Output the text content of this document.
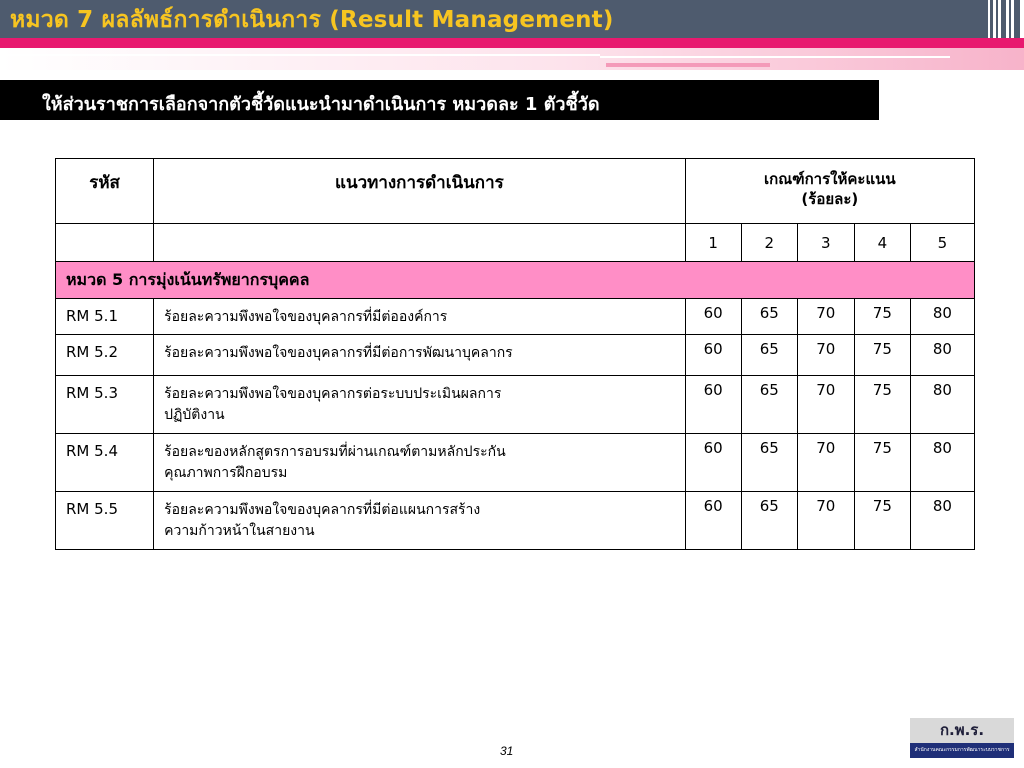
หมวด 7 ผลลัพธ์การดำเนินการ (Result Management)
ให้ส่วนราชการเลือกจากตัวชี้วัดแนะนำมาดำเนินการ หมวดละ 1 ตัวชี้วัด
รหัส	แนวทางการดำเนินการ	เกณฑ์การให้คะแนน
(ร้อยละ)				

		1	2	3	4	5
หมวด 5 การมุ่งเน้นทรัพยากรบุคคล						
RM 5.1	ร้อยละความพึงพอใจของบุคลากรที่มีต่อองค์การ	60	65	70	75	80
RM 5.2	ร้อยละความพึงพอใจของบุคลากรที่มีต่อการพัฒนาบุคลากร	60	65	70	75	80
RM 5.3	ร้อยละความพึงพอใจของบุคลากรต่อระบบประเมินผลการ
ปฏิบัติงาน	60	65	70	75	80
RM 5.4	ร้อยละของหลักสูตรการอบรมที่ผ่านเกณฑ์ตามหลักประกัน
คุณภาพการฝึกอบรม	60	65	70	75	80
RM 5.5	ร้อยละความพึงพอใจของบุคลากรที่มีต่อแผนการสร้าง
ความก้าวหน้าในสายงาน	60	65	70	75	80
31
ก.พ.ร.
สำนักงานคณะกรรมการพัฒนาระบบราชการ
